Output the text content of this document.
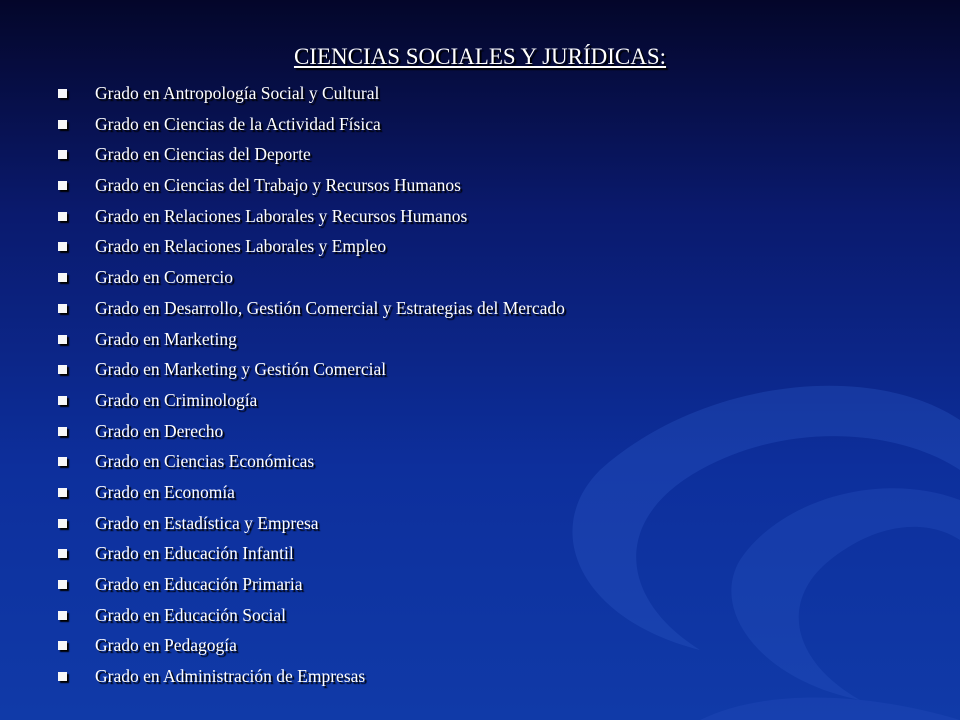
CIENCIAS SOCIALES Y JURÍDICAS:
Grado en Antropología Social y Cultural
Grado en Ciencias de la Actividad Física
Grado en Ciencias del Deporte
Grado en Ciencias del Trabajo y Recursos Humanos
Grado en Relaciones Laborales y Recursos Humanos
Grado en Relaciones Laborales y Empleo
Grado en Comercio
Grado en Desarrollo, Gestión Comercial y Estrategias del Mercado
Grado en Marketing
Grado en Marketing y Gestión Comercial
Grado en Criminología
Grado en Derecho
Grado en Ciencias Económicas
Grado en Economía
Grado en Estadística y Empresa
Grado en Educación Infantil
Grado en Educación Primaria
Grado en Educación Social
Grado en Pedagogía
Grado en Administración de Empresas
